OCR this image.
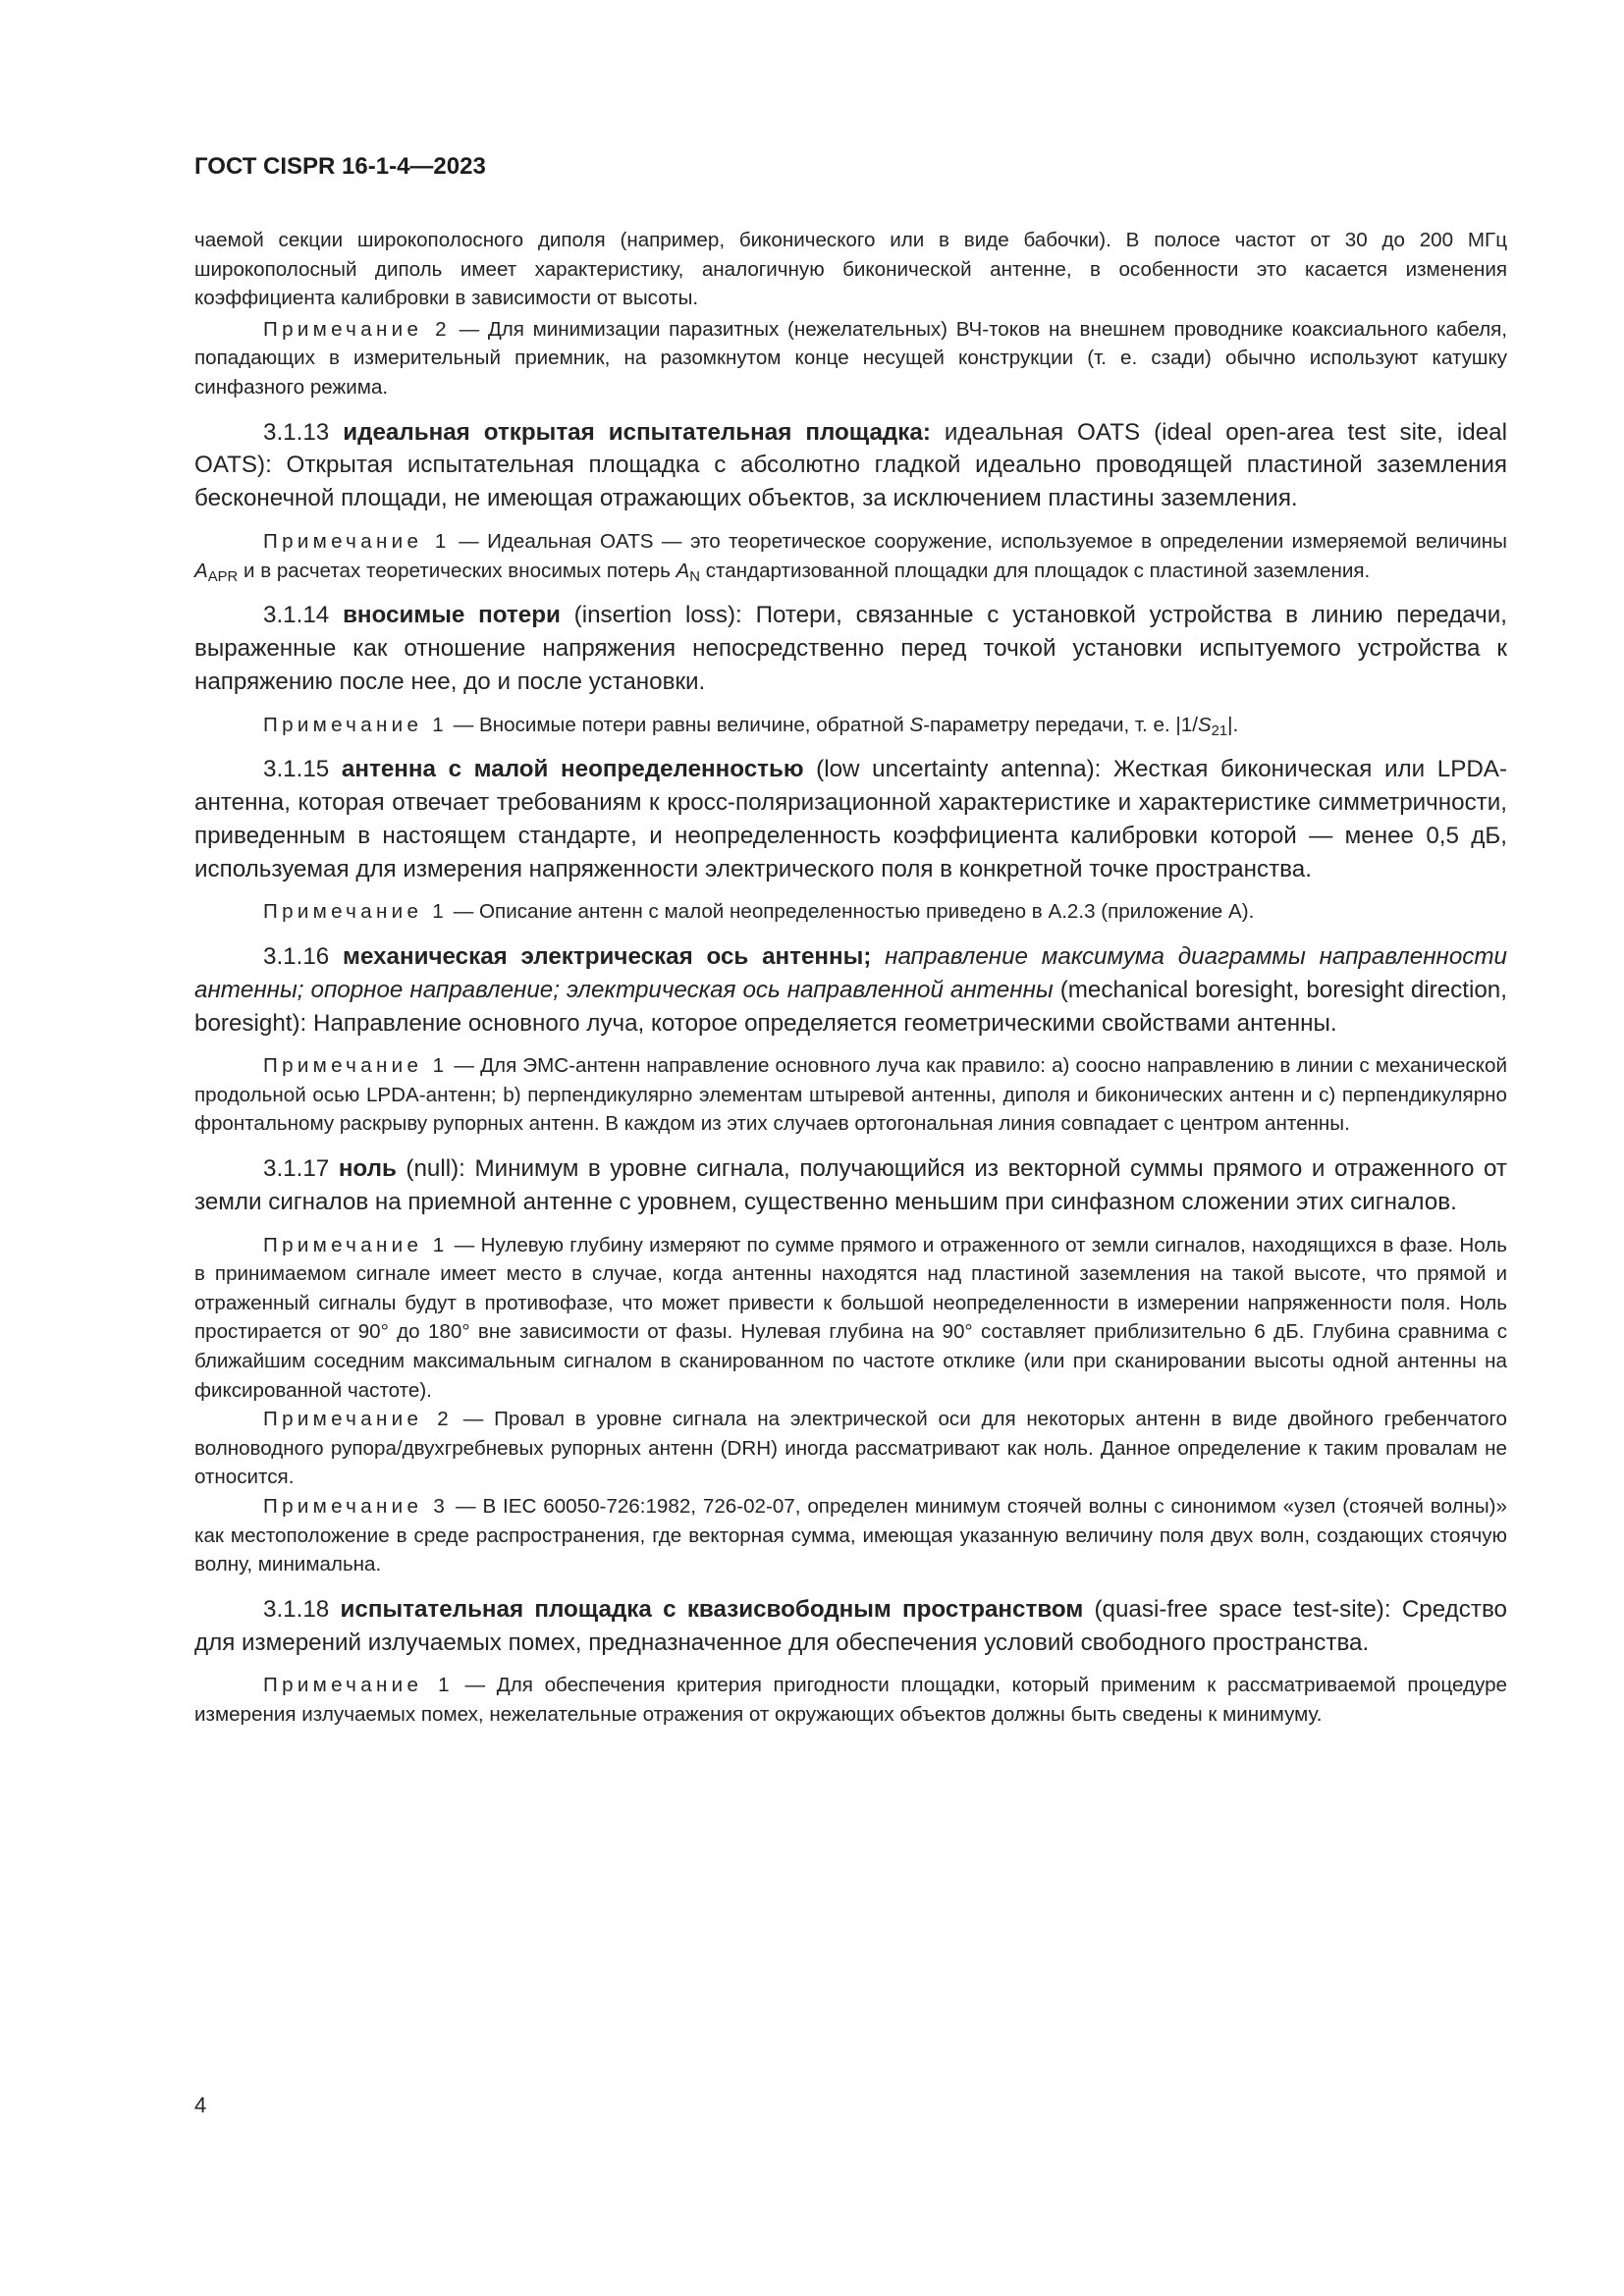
ГОСТ CISPR 16-1-4—2023

чаемой секции широкополосного диполя (например, биконического или в виде бабочки). В полосе частот от 30 до 200 МГц широкополосный диполь имеет характеристику, аналогичную биконической антенне, в особенности это касается изменения коэффициента калибровки в зависимости от высоты.

Примечание 2 — Для минимизации паразитных (нежелательных) ВЧ-токов на внешнем проводнике коаксиального кабеля, попадающих в измерительный приемник, на разомкнутом конце несущей конструкции (т. е. сзади) обычно используют катушку синфазного режима.

3.1.13 идеальная открытая испытательная площадка: идеальная OATS (ideal open-area test site, ideal OATS): Открытая испытательная площадка с абсолютно гладкой идеально проводящей пластиной заземления бесконечной площади, не имеющая отражающих объектов, за исключением пластины заземления.

Примечание 1 — Идеальная OATS — это теоретическое сооружение, используемое в определении измеряемой величины $A_{APR}$ и в расчетах теоретических вносимых потерь $A_N$ стандартизованной площадки для площадок с пластиной заземления.

3.1.14 вносимые потери (insertion loss): Потери, связанные с установкой устройства в линию передачи, выраженные как отношение напряжения непосредственно перед точкой установки испытуемого устройства к напряжению после нее, до и после установки.

Примечание 1 — Вносимые потери равны величине, обратной S-параметру передачи, т. е. $|1/S_{21}|$.

3.1.15 антенна с малой неопределенностью (low uncertainty antenna): Жесткая биконическая или LPDA-антенна, которая отвечает требованиям к кросс-поляризационной характеристике и характеристике симметричности, приведенным в настоящем стандарте, и неопределенность коэффициента калибровки которой — менее 0,5 дБ, используемая для измерения напряженности электрического поля в конкретной точке пространства.

Примечание 1 — Описание антенн с малой неопределенностью приведено в А.2.3 (приложение А).

3.1.16 механическая электрическая ось антенны; направление максимума диаграммы направленности антенны; опорное направление; электрическая ось направленной антенны (mechanical boresight, boresight direction, boresight): Направление основного луча, которое определяется геометрическими свойствами антенны.

Примечание 1 — Для ЭМС-антенн направление основного луча как правило: а) соосно направлению в линии с механической продольной осью LPDA-антенн; b) перпендикулярно элементам штыревой антенны, диполя и биконических антенн и с) перпендикулярно фронтальному раскрыву рупорных антенн. В каждом из этих случаев ортогональная линия совпадает с центром антенны.

3.1.17 ноль (null): Минимум в уровне сигнала, получающийся из векторной суммы прямого и отраженного от земли сигналов на приемной антенне с уровнем, существенно меньшим при синфазном сложении этих сигналов.

Примечание 1 — Нулевую глубину измеряют по сумме прямого и отраженного от земли сигналов, находящихся в фазе. Ноль в принимаемом сигнале имеет место в случае, когда антенны находятся над пластиной заземления на такой высоте, что прямой и отраженный сигналы будут в противофазе, что может привести к большой неопределенности в измерении напряженности поля. Ноль простирается от 90° до 180° вне зависимости от фазы. Нулевая глубина на 90° составляет приблизительно 6 дБ. Глубина сравнима с ближайшим соседним максимальным сигналом в сканированном по частоте отклике (или при сканировании высоты одной антенны на фиксированной частоте).

Примечание 2 — Провал в уровне сигнала на электрической оси для некоторых антенн в виде двойного гребенчатого волноводного рупора/двухгребневых рупорных антенн (DRH) иногда рассматривают как ноль. Данное определение к таким провалам не относится.

Примечание 3 — В IEC 60050-726:1982, 726-02-07, определен минимум стоячей волны с синонимом «узел (стоячей волны)» как местоположение в среде распространения, где векторная сумма, имеющая указанную величину поля двух волн, создающих стоячую волну, минимальна.

3.1.18 испытательная площадка с квазисвободным пространством (quasi-free space test-site): Средство для измерений излучаемых помех, предназначенное для обеспечения условий свободного пространства.

Примечание 1 — Для обеспечения критерия пригодности площадки, который применим к рассматриваемой процедуре измерения излучаемых помех, нежелательные отражения от окружающих объектов должны быть сведены к минимуму.

4
